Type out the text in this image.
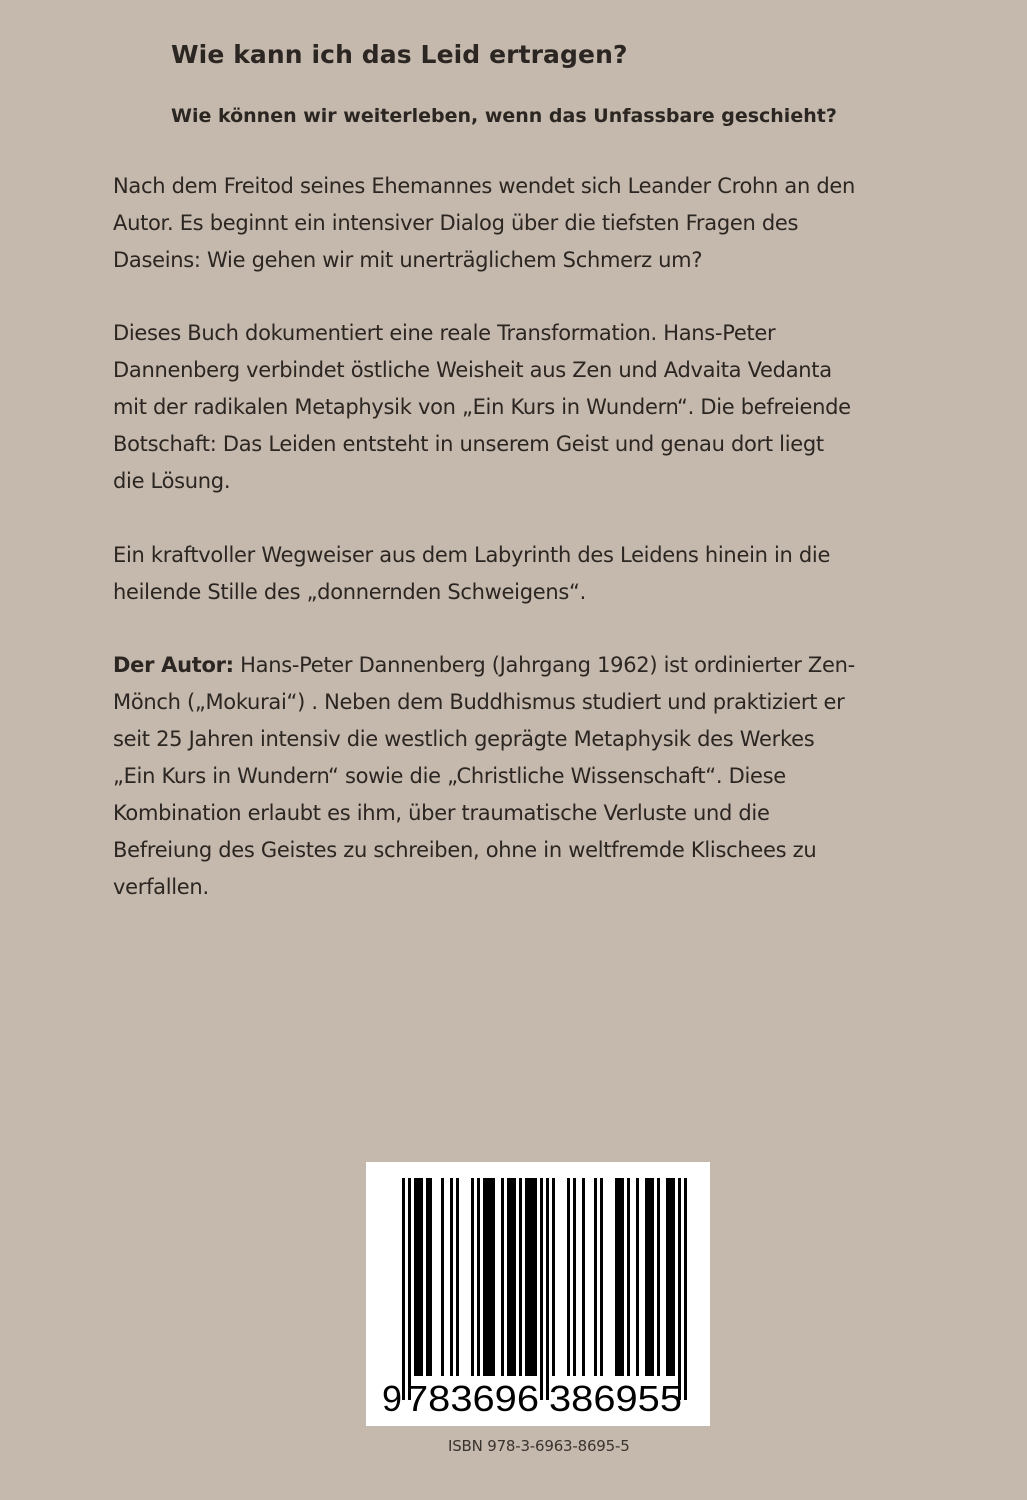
Wie kann ich das Leid ertragen?
Wie können wir weiterleben, wenn das Unfassbare geschieht?

Nach dem Freitod seines Ehemannes wendet sich Leander Crohn an den Autor. Es beginnt ein intensiver Dialog über die tiefsten Fragen des Daseins: Wie gehen wir mit unerträglichem Schmerz um?

Dieses Buch dokumentiert eine reale Transformation. Hans-Peter Dannenberg verbindet östliche Weisheit aus Zen und Advaita Vedanta mit der radikalen Metaphysik von „Ein Kurs in Wundern“. Die befreiende Botschaft: Das Leiden entsteht in unserem Geist und genau dort liegt die Lösung.

Ein kraftvoller Wegweiser aus dem Labyrinth des Leidens hinein in die heilende Stille des „donnernden Schweigens“.

Der Autor: Hans-Peter Dannenberg (Jahrgang 1962) ist ordinierter Zen-Mönch („Mokurai“) . Neben dem Buddhismus studiert und praktiziert er seit 25 Jahren intensiv die westlich geprägte Metaphysik des Werkes „Ein Kurs in Wundern“ sowie die „Christliche Wissenschaft“. Diese Kombination erlaubt es ihm, über traumatische Verluste und die Befreiung des Geistes zu schreiben, ohne in weltfremde Klischees zu verfallen.

9 783696 386955
ISBN 978-3-6963-8695-5
